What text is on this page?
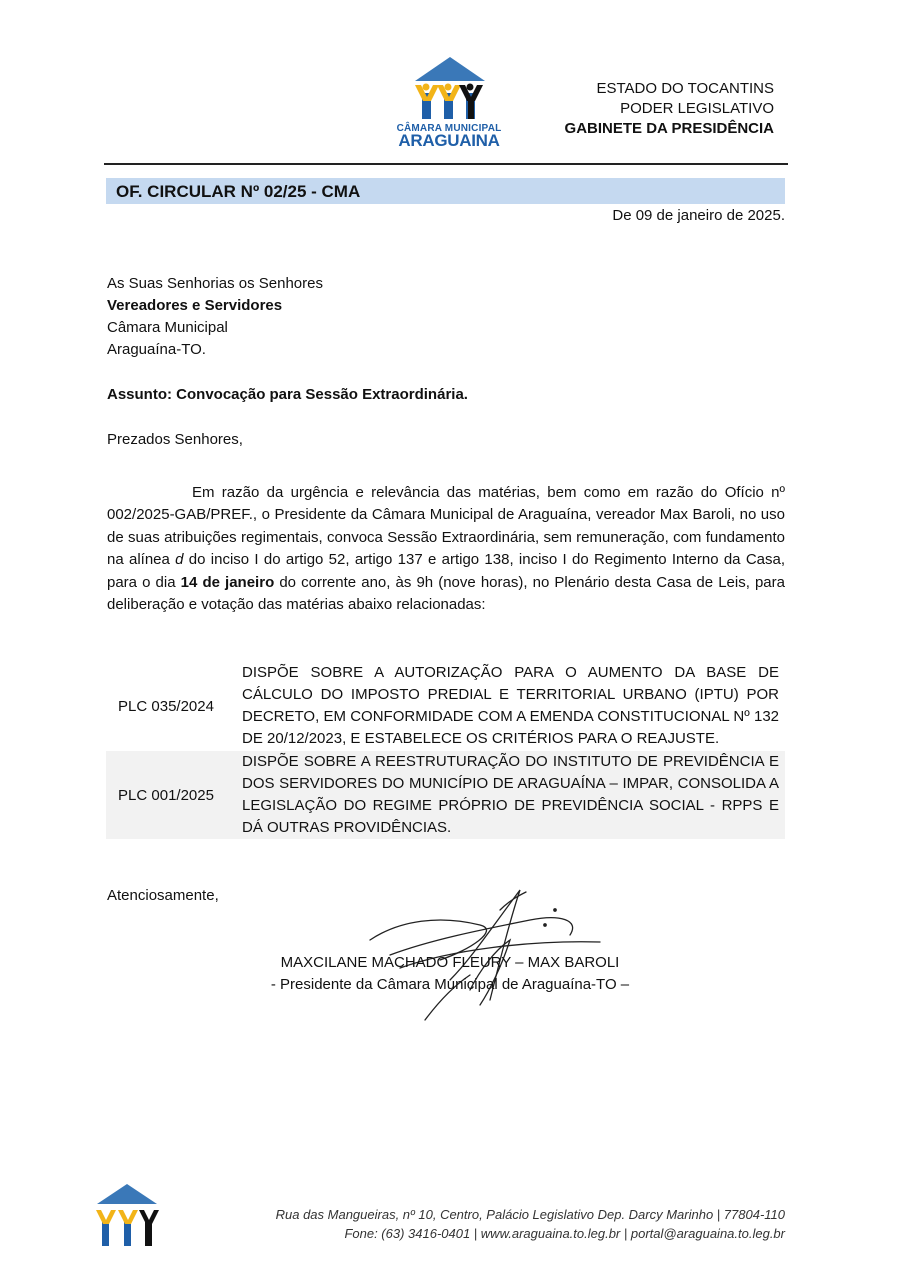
CÂMARA MUNICIPAL
ARAGUAINA
ESTADO DO TOCANTINS
PODER LEGISLATIVO
GABINETE DA PRESIDÊNCIA
OF. CIRCULAR Nº 02/25 - CMA
De 09 de janeiro de 2025.
As Suas Senhorias os Senhores
Vereadores e Servidores
Câmara Municipal
Araguaína-TO.
Assunto: Convocação para Sessão Extraordinária.
Prezados Senhores,
Em razão da urgência e relevância das matérias, bem como em razão do Ofício nº 002/2025-GAB/PREF., o Presidente da Câmara Municipal de Araguaína, vereador Max Baroli, no uso de suas atribuições regimentais, convoca Sessão Extraordinária, sem remuneração, com fundamento na alínea d do inciso I do artigo 52, artigo 137 e artigo 138, inciso I do Regimento Interno da Casa, para o dia 14 de janeiro do corrente ano, às 9h (nove horas), no Plenário desta Casa de Leis, para deliberação e votação das matérias abaixo relacionadas:
PLC 035/2024
DISPÕE SOBRE A AUTORIZAÇÃO PARA O AUMENTO DA BASE DE CÁLCULO DO IMPOSTO PREDIAL E TERRITORIAL URBANO (IPTU) POR DECRETO, EM CONFORMIDADE COM A EMENDA CONSTITUCIONAL Nº 132 DE 20/12/2023, E ESTABELECE OS CRITÉRIOS PARA O REAJUSTE.
PLC 001/2025
DISPÕE SOBRE A REESTRUTURAÇÃO DO INSTITUTO DE PREVIDÊNCIA E DOS SERVIDORES DO MUNICÍPIO DE ARAGUAÍNA – IMPAR, CONSOLIDA A LEGISLAÇÃO DO REGIME PRÓPRIO DE PREVIDÊNCIA SOCIAL - RPPS E DÁ OUTRAS PROVIDÊNCIAS.
Atenciosamente,
MAXCILANE MACHADO FLEURY – MAX BAROLI
- Presidente da Câmara Municipal de Araguaína-TO –
Rua das Mangueiras, nº 10, Centro, Palácio Legislativo Dep. Darcy Marinho | 77804-110
Fone: (63) 3416-0401 | www.araguaina.to.leg.br | portal@araguaina.to.leg.br
